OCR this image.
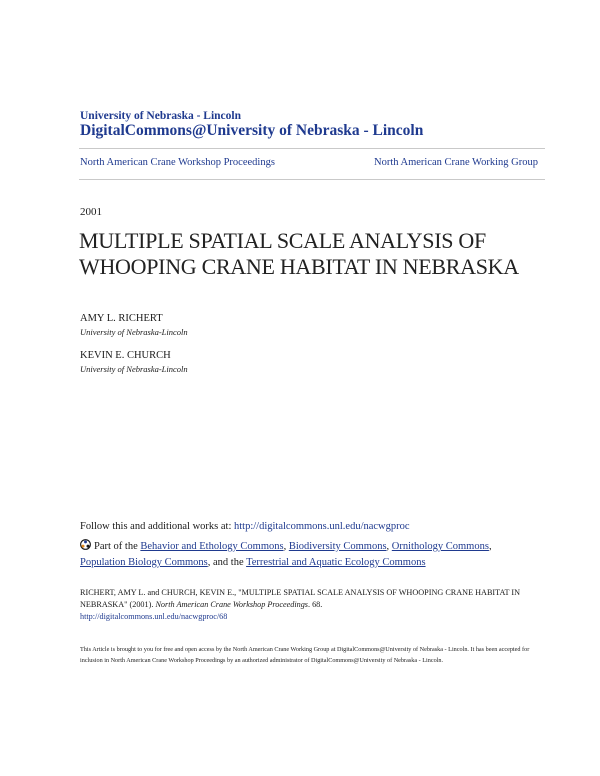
University of Nebraska - Lincoln
DigitalCommons@University of Nebraska - Lincoln
North American Crane Workshop Proceedings	North American Crane Working Group
2001
MULTIPLE SPATIAL SCALE ANALYSIS OF WHOOPING CRANE HABITAT IN NEBRASKA
AMY L. RICHERT
University of Nebraska-Lincoln
KEVIN E. CHURCH
University of Nebraska-Lincoln
Follow this and additional works at: http://digitalcommons.unl.edu/nacwgproc
Part of the Behavior and Ethology Commons, Biodiversity Commons, Ornithology Commons, Population Biology Commons, and the Terrestrial and Aquatic Ecology Commons
RICHERT, AMY L. and CHURCH, KEVIN E., "MULTIPLE SPATIAL SCALE ANALYSIS OF WHOOPING CRANE HABITAT IN NEBRASKA" (2001). North American Crane Workshop Proceedings. 68.
http://digitalcommons.unl.edu/nacwgproc/68
This Article is brought to you for free and open access by the North American Crane Working Group at DigitalCommons@University of Nebraska - Lincoln. It has been accepted for inclusion in North American Crane Workshop Proceedings by an authorized administrator of DigitalCommons@University of Nebraska - Lincoln.
